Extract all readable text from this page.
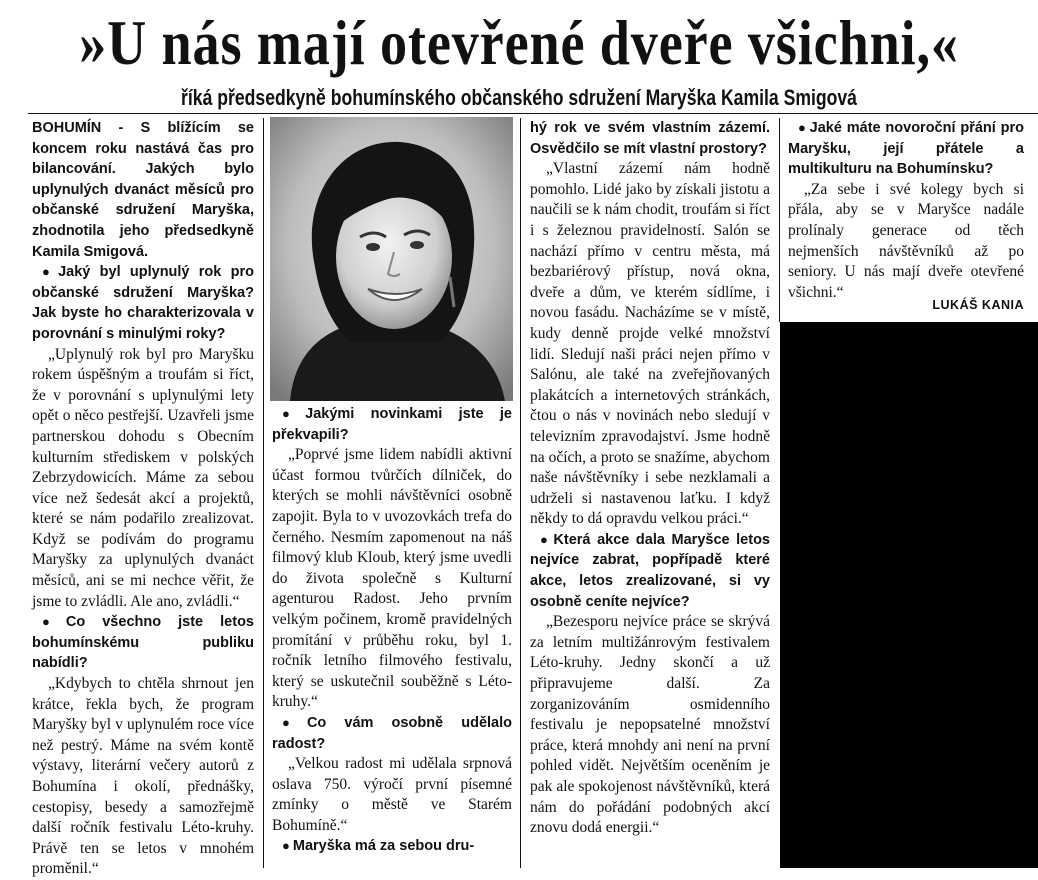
»U nás mají otevřené dveře všichni,«
říká předsedkyně bohumínského občanského sdružení Maryška Kamila Smigová

BOHUMÍN - S blížícím se koncem roku nastává čas pro bilancování. Jakých bylo uplynulých dvanáct měsíců pro občanské sdružení Maryška, zhodnotila jeho předsedkyně Kamila Smigová.

● Jaký byl uplynulý rok pro občanské sdružení Maryška? Jak byste ho charakterizovala v porovnání s minulými roky?

„Uplynulý rok byl pro Maryšku rokem úspěšným a troufám si říct, že v porovnání s uplynulými lety opět o něco pestřejší. Uzavřeli jsme partnerskou dohodu s Obecním kulturním střediskem v polských Zebrzydowicích. Máme za sebou více než šedesát akcí a projektů, které se nám podařilo zrealizovat. Když se podívám do programu Maryšky za uplynulých dvanáct měsíců, ani se mi nechce věřit, že jsme to zvládli. Ale ano, zvládli.“

● Co všechno jste letos bohumínskému publiku nabídli?

„Kdybych to chtěla shrnout jen krátce, řekla bych, že program Maryšky byl v uplynulém roce více než pestrý. Máme na svém kontě výstavy, literární večery autorů z Bohumína i okolí, přednášky, cestopisy, besedy a samozřejmě další ročník festivalu Léto-kruhy. Právě ten se letos v mnohém proměnil.“

● Jakými novinkami jste je překvapili?

„Poprvé jsme lidem nabídli aktivní účast formou tvůrčích dílniček, do kterých se mohli návštěvníci osobně zapojit. Byla to v uvozovkách trefa do černého. Nesmím zapomenout na náš filmový klub Kloub, který jsme uvedli do života společně s Kulturní agenturou Radost. Jeho prvním velkým počinem, kromě pravidelných promítání v průběhu roku, byl 1. ročník letního filmového festivalu, který se uskutečnil souběžně s Léto-kruhy.“

● Co vám osobně udělalo radost?

„Velkou radost mi udělala srpnová oslava 750. výročí první písemné zmínky o městě ve Starém Bohumíně.“

● Maryška má za sebou dru-

hý rok ve svém vlastním zázemí. Osvědčilo se mít vlastní prostory?

„Vlastní zázemí nám hodně pomohlo. Lidé jako by získali jistotu a naučili se k nám chodit, troufám si říct i s železnou pravidelností. Salón se nachází přímo v centru města, má bezbariérový přístup, nová okna, dveře a dům, ve kterém sídlíme, i novou fasádu. Nacházíme se v místě, kudy denně projde velké množství lidí. Sledují naši práci nejen přímo v Salónu, ale také na zveřejňovaných plakátcích a internetových stránkách, čtou o nás v novinách nebo sledují v televizním zpravodajství. Jsme hodně na očích, a proto se snažíme, abychom naše návštěvníky i sebe nezklamali a udrželi si nastavenou laťku. I když někdy to dá opravdu velkou práci.“

● Která akce dala Maryšce letos nejvíce zabrat, popřípadě které akce, letos zrealizované, si vy osobně ceníte nejvíce?

„Bezesporu nejvíce práce se skrývá za letním multižánrovým festivalem Léto-kruhy. Jedny skončí a už připravujeme další. Za zorganizováním osmidenního festivalu je nepopsatelné množství práce, která mnohdy ani není na první pohled vidět. Největším oceněním je pak ale spokojenost návštěvníků, která nám do pořádání podobných akcí znovu dodá energii.“

● Jaké máte novoroční přání pro Maryšku, její přátele a multikulturu na Bohumínsku?

„Za sebe i své kolegy bych si přála, aby se v Maryšce nadále prolínaly generace od těch nejmenších návštěvníků až po seniory. U nás mají dveře otevřené všichni.“

LUKÁŠ KANIA
